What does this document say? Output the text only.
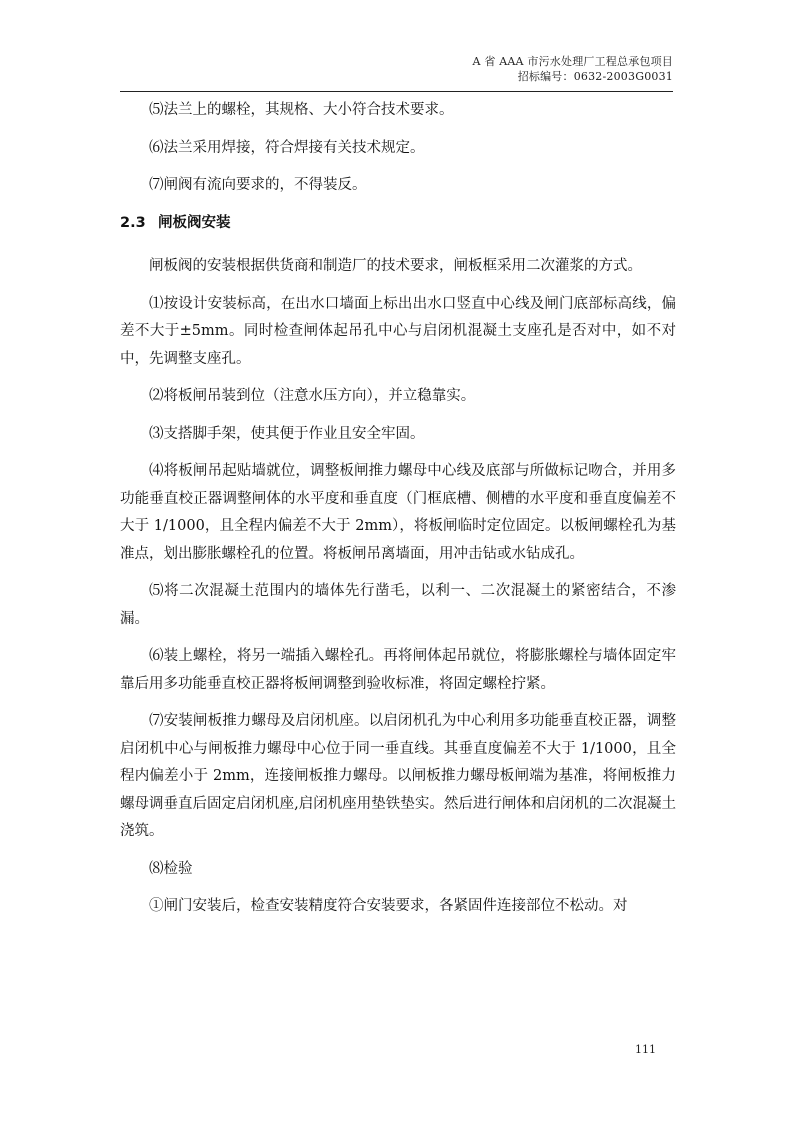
A 省 AAA 市污水处理厂工程总承包项目
招标编号：0632-2003G0031

⑸法兰上的螺栓，其规格、大小符合技术要求。

⑹法兰采用焊接，符合焊接有关技术规定。

⑺闸阀有流向要求的，不得装反。

2.3 闸板阀安装

闸板阀的安装根据供货商和制造厂的技术要求，闸板框采用二次灌浆的方式。

⑴按设计安装标高，在出水口墙面上标出出水口竖直中心线及闸门底部标高线，偏差不大于±5mm。同时检查闸体起吊孔中心与启闭机混凝土支座孔是否对中，如不对中，先调整支座孔。

⑵将板闸吊装到位（注意水压方向），并立稳靠实。

⑶支搭脚手架，使其便于作业且安全牢固。

⑷将板闸吊起贴墙就位，调整板闸推力螺母中心线及底部与所做标记吻合，并用多功能垂直校正器调整闸体的水平度和垂直度（门框底槽、侧槽的水平度和垂直度偏差不大于 1/1000，且全程内偏差不大于 2mm），将板闸临时定位固定。以板闸螺栓孔为基准点，划出膨胀螺栓孔的位置。将板闸吊离墙面，用冲击钻或水钻成孔。

⑸将二次混凝土范围内的墙体先行凿毛，以利一、二次混凝土的紧密结合，不渗漏。

⑹装上螺栓，将另一端插入螺栓孔。再将闸体起吊就位，将膨胀螺栓与墙体固定牢靠后用多功能垂直校正器将板闸调整到验收标准，将固定螺栓拧紧。

⑺安装闸板推力螺母及启闭机座。以启闭机孔为中心利用多功能垂直校正器，调整启闭机中心与闸板推力螺母中心位于同一垂直线。其垂直度偏差不大于 1/1000，且全程内偏差小于 2mm，连接闸板推力螺母。以闸板推力螺母板闸端为基准，将闸板推力螺母调垂直后固定启闭机座,启闭机座用垫铁垫实。然后进行闸体和启闭机的二次混凝土浇筑。

⑻检验

①闸门安装后，检查安装精度符合安装要求，各紧固件连接部位不松动。对

111
